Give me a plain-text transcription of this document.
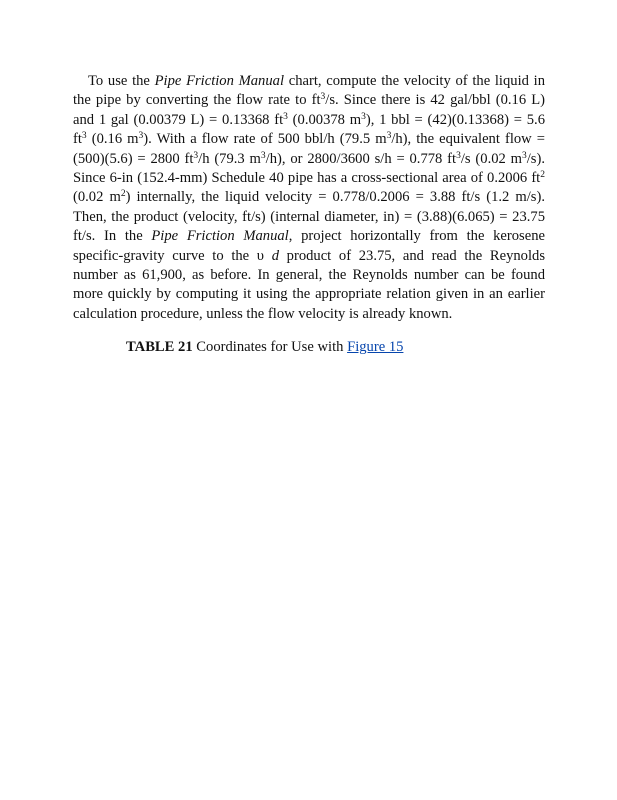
To use the Pipe Friction Manual chart, compute the velocity of the liquid in the pipe by converting the flow rate to $ft^3/s$. Since there is 42 gal/bbl (0.16 L) and 1 gal (0.00379 L) = 0.13368 $ft^3$ (0.00378 $m^3$), 1 bbl = (42)(0.13368) = 5.6 $ft^3$ (0.16 $m^3$). With a flow rate of 500 bbl/h (79.5 $m^3/h$), the equivalent flow = (500)(5.6) = 2800 $ft^3/h$ (79.3 $m^3/h$), or 2800/3600 s/h = 0.778 $ft^3/s$ (0.02 $m^3/s$). Since 6-in (152.4-mm) Schedule 40 pipe has a cross-sectional area of 0.2006 $ft^2$ (0.02 $m^2$) internally, the liquid velocity = 0.778/0.2006 = 3.88 ft/s (1.2 m/s). Then, the product (velocity, ft/s) (internal diameter, in) = (3.88)(6.065) = 23.75 ft/s. In the Pipe Friction Manual, project horizontally from the kerosene specific-gravity curve to the υ d product of 23.75, and read the Reynolds number as 61,900, as before. In general, the Reynolds number can be found more quickly by computing it using the appropriate relation given in an earlier calculation procedure, unless the flow velocity is already known.

TABLE 21 Coordinates for Use with Figure 15
